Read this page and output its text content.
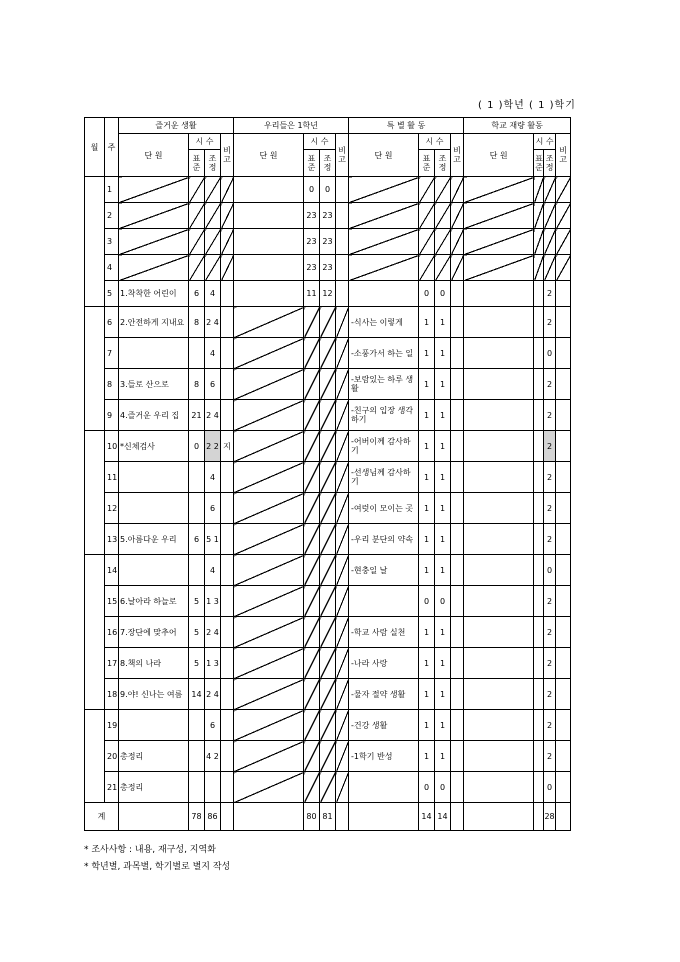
( 1 )학년 ( 1 )학기
월	주	즐거운 생활				우리들은 1학년				특 별 활 동				학교 재량 활동			
		단 원	시 수		비고	단 원	시 수		비고	단 원	시 수		비고	단 원	시 수		비고
			표준	조정			표준	조정			표준	조정			표준	조정	
	1						0	0									
	2						23	23									
	3						23	23									
	4						23	23									
	5	1.착착한 어린이	6	4			11	12			0	0				2	
	6	2.안전하게 지내요	8	2 4						-식사는 이렇게	1	1				2	
	7			4						-소풍가서 하는 일	1	1				0	
	8	3.들로 산으로	8	6						-보람있는 하루 생활	1	1				2	
	9	4.즐거운 우리 집	21	2 4						-친구의 입장 생각하기	1	1				2	
	10	*신체검사	0	2 2	지					-어버이께 감사하기	1	1				2	
	11			4						-선생님께 감사하기	1	1				2	
	12			6						-여럿이 모이는 곳	1	1				2	
	13	5.아름다운 우리	6	5 1						-우리 분단의 약속	1	1				2	
	14			4						-현충일 날	1	1				0	
	15	6.날아라 하늘로	5	1 3							0	0				2	
	16	7.장단에 맞추어	5	2 4						-학교 사람 실천	1	1				2	
	17	8.책의 나라	5	1 3						-나라 사랑	1	1				2	
	18	9.야! 신나는 여름	14	2 4						-물자 절약 생활	1	1				2	
	19			6						-건강 생활	1	1				2	
	20	총정리		4 2						-1학기 반성	1	1				2	
	21	총정리									0	0				0	
계			78	86			80	81			14	14				28	
* 조사사항 : 내용, 재구성, 지역화
* 학년별, 과목별, 학기별로 별지 작성
